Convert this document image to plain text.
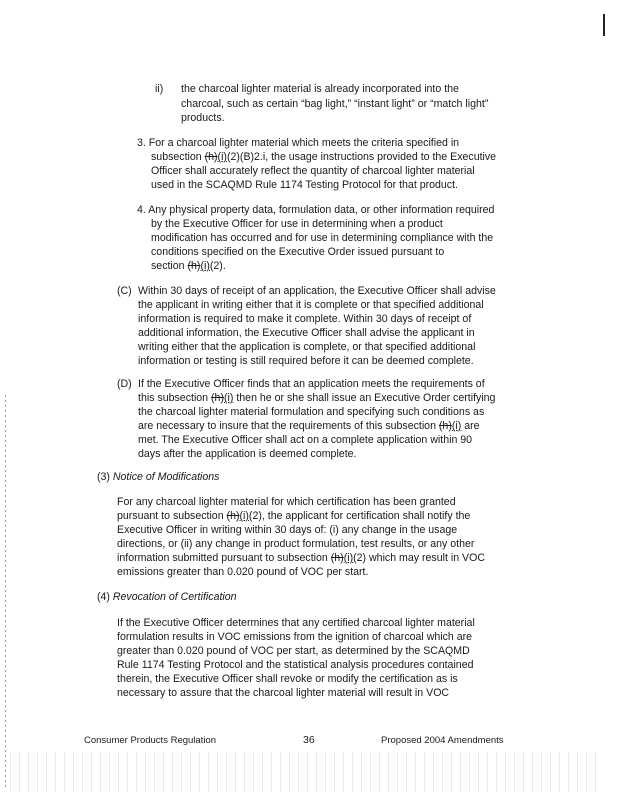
ii) the charcoal lighter material is already incorporated into the
charcoal, such as certain “bag light,” “instant light” or “match light”
products.
3. For a charcoal lighter material which meets the criteria specified in
subsection (h)(i)(2)(B)2.i, the usage instructions provided to the Executive
Officer shall accurately reflect the quantity of charcoal lighter material
used in the SCAQMD Rule 1174 Testing Protocol for that product.
4. Any physical property data, formulation data, or other information required
by the Executive Officer for use in determining when a product
modification has occurred and for use in determining compliance with the
conditions specified on the Executive Order issued pursuant to
section (h)(i)(2).
(C) Within 30 days of receipt of an application, the Executive Officer shall advise
the applicant in writing either that it is complete or that specified additional
information is required to make it complete. Within 30 days of receipt of
additional information, the Executive Officer shall advise the applicant in
writing either that the application is complete, or that specified additional
information or testing is still required before it can be deemed complete.
(D) If the Executive Officer finds that an application meets the requirements of
this subsection (h)(i) then he or she shall issue an Executive Order certifying
the charcoal lighter material formulation and specifying such conditions as
are necessary to insure that the requirements of this subsection (h)(i) are
met. The Executive Officer shall act on a complete application within 90
days after the application is deemed complete.
(3) Notice of Modifications
For any charcoal lighter material for which certification has been granted
pursuant to subsection (h)(i)(2), the applicant for certification shall notify the
Executive Officer in writing within 30 days of: (i) any change in the usage
directions, or (ii) any change in product formulation, test results, or any other
information submitted pursuant to subsection (h)(i)(2) which may result in VOC
emissions greater than 0.020 pound of VOC per start.
(4) Revocation of Certification
If the Executive Officer determines that any certified charcoal lighter material
formulation results in VOC emissions from the ignition of charcoal which are
greater than 0.020 pound of VOC per start, as determined by the SCAQMD
Rule 1174 Testing Protocol and the statistical analysis procedures contained
therein, the Executive Officer shall revoke or modify the certification as is
necessary to assure that the charcoal lighter material will result in VOC
Consumer Products Regulation	36	Proposed 2004 Amendments
